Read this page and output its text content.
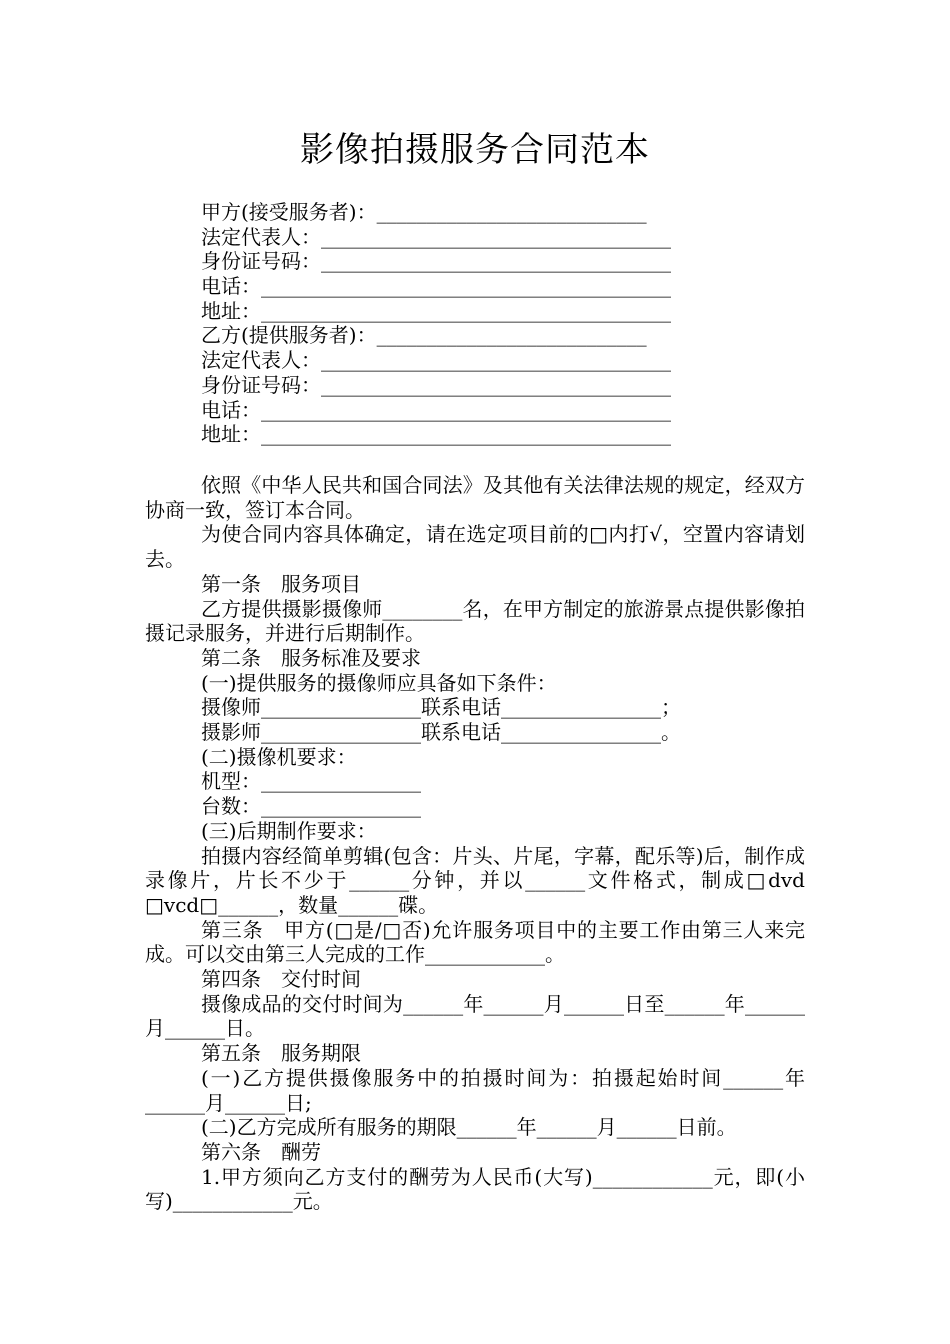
影像拍摄服务合同范本
甲方(接受服务者)：___________________________
法定代表人：___________________________________
身份证号码：___________________________________
电话：_________________________________________
地址：_________________________________________
乙方(提供服务者)：___________________________
法定代表人：___________________________________
身份证号码：___________________________________
电话：_________________________________________
地址：_________________________________________

依照《中华人民共和国合同法》及其他有关法律法规的规定，经双方协商一致，签订本合同。

为使合同内容具体确定，请在选定项目前的□内打√，空置内容请划去。

第一条　服务项目

乙方提供摄影摄像师________名，在甲方制定的旅游景点提供影像拍摄记录服务，并进行后期制作。

第二条　服务标准及要求

(一)提供服务的摄像师应具备如下条件：

摄像师________________联系电话________________；

摄影师________________联系电话________________。

(二)摄像机要求：

机型：________________

台数：________________

(三)后期制作要求：

拍摄内容经简单剪辑(包含：片头、片尾，字幕，配乐等)后，制作成录像片，片长不少于______分钟，并以______文件格式，制成□dvd □vcd□______，数量______碟。

第三条　甲方(□是/□否)允许服务项目中的主要工作由第三人来完成。可以交由第三人完成的工作____________。

第四条　交付时间

摄像成品的交付时间为______年______月______日至______年______月______日。

第五条　服务期限

(一)乙方提供摄像服务中的拍摄时间为：拍摄起始时间______年______月______日;

(二)乙方完成所有服务的期限______年______月______日前。

第六条　酬劳

1.甲方须向乙方支付的酬劳为人民币(大写)____________元，即(小写)____________元。
